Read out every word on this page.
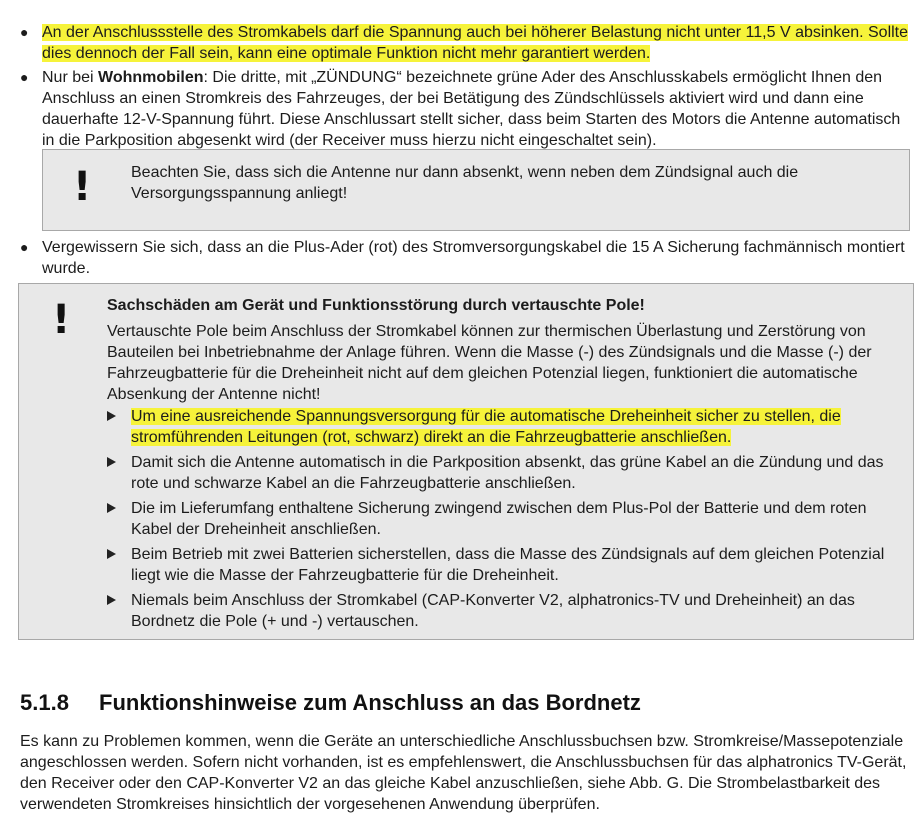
● An der Anschlussstelle des Stromkabels darf die Spannung auch bei höherer Belastung nicht unter 11,5 V absinken. Sollte dies dennoch der Fall sein, kann eine optimale Funktion nicht mehr garantiert werden.
● Nur bei Wohnmobilen: Die dritte, mit „ZÜNDUNG“ bezeichnete grüne Ader des Anschlusskabels ermöglicht Ihnen den Anschluss an einen Stromkreis des Fahrzeuges, der bei Betätigung des Zündschlüssels aktiviert wird und dann eine dauerhafte 12-V-Spannung führt. Diese Anschlussart stellt sicher, dass beim Starten des Motors die Antenne automatisch in die Parkposition abgesenkt wird (der Receiver muss hierzu nicht eingeschaltet sein).
! Beachten Sie, dass sich die Antenne nur dann absenkt, wenn neben dem Zündsignal auch die Versorgungsspannung anliegt!
● Vergewissern Sie sich, dass an die Plus-Ader (rot) des Stromversorgungskabel die 15 A Sicherung fachmännisch montiert wurde.
! Sachschäden am Gerät und Funktionsstörung durch vertauschte Pole!
Vertauschte Pole beim Anschluss der Stromkabel können zur thermischen Überlastung und Zerstörung von Bauteilen bei Inbetriebnahme der Anlage führen. Wenn die Masse (-) des Zündsignals und die Masse (-) der Fahrzeugbatterie für die Dreheinheit nicht auf dem gleichen Potenzial liegen, funktioniert die automatische Absenkung der Antenne nicht!
Um eine ausreichende Spannungsversorgung für die automatische Dreheinheit sicher zu stellen, die stromführenden Leitungen (rot, schwarz) direkt an die Fahrzeugbatterie anschließen.
Damit sich die Antenne automatisch in die Parkposition absenkt, das grüne Kabel an die Zündung und das rote und schwarze Kabel an die Fahrzeugbatterie anschließen.
Die im Lieferumfang enthaltene Sicherung zwingend zwischen dem Plus-Pol der Batterie und dem roten Kabel der Dreheinheit anschließen.
Beim Betrieb mit zwei Batterien sicherstellen, dass die Masse des Zündsignals auf dem gleichen Potenzial liegt wie die Masse der Fahrzeugbatterie für die Dreheinheit.
Niemals beim Anschluss der Stromkabel (CAP-Konverter V2, alphatronics-TV und Dreheinheit) an das Bordnetz die Pole (+ und -) vertauschen.
5.1.8 Funktionshinweise zum Anschluss an das Bordnetz
Es kann zu Problemen kommen, wenn die Geräte an unterschiedliche Anschlussbuchsen bzw. Stromkreise/Massepotenziale angeschlossen werden. Sofern nicht vorhanden, ist es empfehlenswert, die Anschlussbuchsen für das alphatronics TV-Gerät, den Receiver oder den CAP-Konverter V2 an das gleiche Kabel anzuschließen, siehe Abb. G. Die Strombelastbarkeit des verwendeten Stromkreises hinsichtlich der vorgesehenen Anwendung überprüfen.
